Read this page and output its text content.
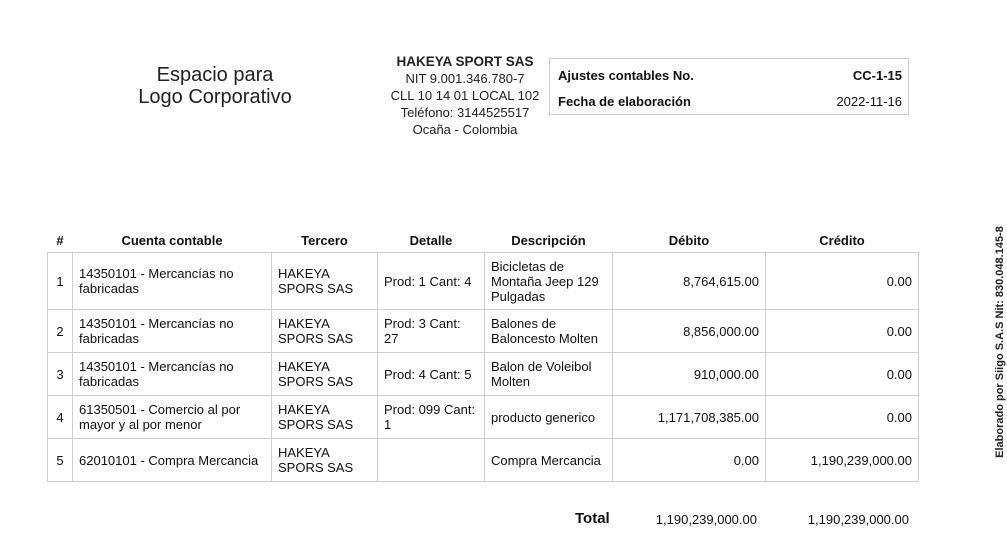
Espacio para
Logo Corporativo
HAKEYA SPORT SAS
NIT 9.001.346.780-7
CLL 10 14 01 LOCAL 102
Teléfono: 3144525517
Ocaña - Colombia
Ajustes contables No.	CC-1-15
Fecha de elaboración	2022-11-16
Elaborado por Siigo S.A.S Nit: 830.048.145-8
#	Cuenta contable	Tercero	Detalle	Descripción	Débito	Crédito
1	14350101 - Mercancías no fabricadas	HAKEYA SPORS SAS	Prod: 1 Cant: 4	Bicicletas de Montaña Jeep 129 Pulgadas	8,764,615.00	0.00
2	14350101 - Mercancías no fabricadas	HAKEYA SPORS SAS	Prod: 3 Cant: 27	Balones de Baloncesto Molten	8,856,000.00	0.00
3	14350101 - Mercancías no fabricadas	HAKEYA SPORS SAS	Prod: 4 Cant: 5	Balon de Voleibol Molten	910,000.00	0.00
4	61350501 - Comercio al por mayor y al por menor	HAKEYA SPORS SAS	Prod: 099 Cant: 1	producto generico	1,171,708,385.00	0.00
5	62010101 - Compra Mercancia	HAKEYA SPORS SAS		Compra Mercancia	0.00	1,190,239,000.00
Total	1,190,239,000.00	1,190,239,000.00
